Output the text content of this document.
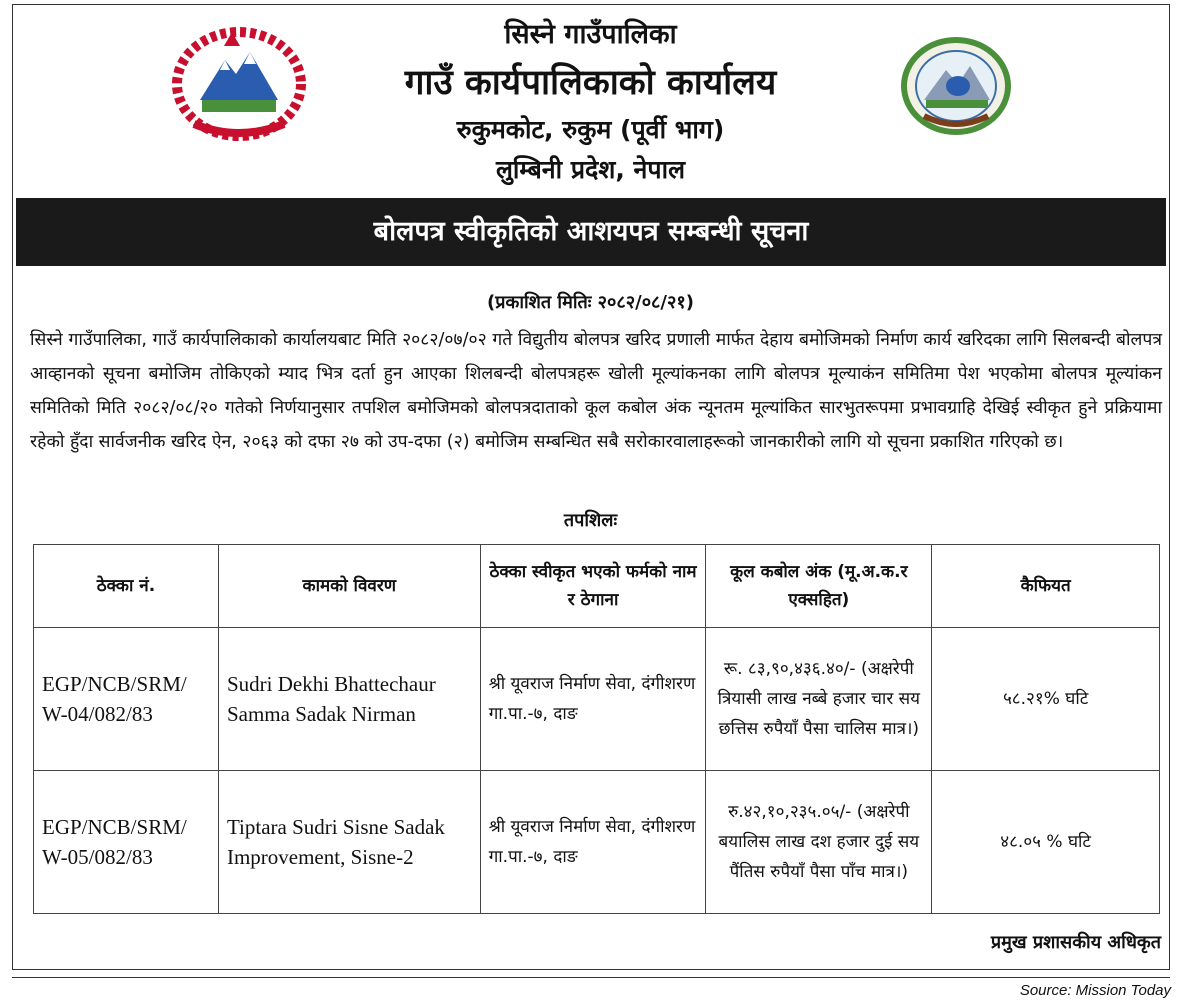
सिस्ने गाउँपालिका
गाउँ कार्यपालिकाको कार्यालय
रुकुमकोट, रुकुम (पूर्वी भाग)
लुम्बिनी प्रदेश, नेपाल
बोलपत्र स्वीकृतिको आशयपत्र सम्बन्धी सूचना
(प्रकाशित मितिः २०८२/०८/२१)
सिस्ने गाउँपालिका, गाउँ कार्यपालिकाको कार्यालयबाट मिति २०८२/०७/०२ गते विद्युतीय बोलपत्र खरिद प्रणाली मार्फत देहाय बमोजिमको निर्माण कार्य खरिदका लागि सिलबन्दी बोलपत्र आव्हानको सूचना बमोजिम तोकिएको म्याद भित्र दर्ता हुन आएका शिलबन्दी बोलपत्रहरू खोली मूल्यांकनका लागि बोलपत्र मूल्याकंन समितिमा पेश भएकोमा बोलपत्र मूल्यांकन समितिको मिति २०८२/०८/२० गतेको निर्णयानुसार तपशिल बमोजिमको बोलपत्रदाताको कूल कबोल अंक न्यूनतम मूल्यांकित सारभुतरूपमा प्रभावग्राहि देखिई स्वीकृत हुने प्रक्रियामा रहेको हुँदा सार्वजनीक खरिद ऐन, २०६३ को दफा २७ को उप-दफा (२) बमोजिम सम्बन्धित सबै सरोकारवालाहरूको जानकारीको लागि यो सूचना प्रकाशित गरिएको छ।
तपशिलः
ठेक्का नं.	कामको विवरण	ठेक्का स्वीकृत भएको फर्मको नाम र ठेगाना	कूल कबोल अंक (मू.अ.क.र एक्सहित)	कैफियत
EGP/NCB/SRM/ W-04/082/83	Sudri Dekhi Bhattechaur Samma Sadak Nirman	श्री यूवराज निर्माण सेवा, दंगीशरण गा.पा.-७, दाङ	रू. ८३,९०,४३६.४०/- (अक्षरेपी त्रियासी लाख नब्बे हजार चार सय छत्तिस रुपैयाँ पैसा चालिस मात्र।)	५८.२१% घटि
EGP/NCB/SRM/ W-05/082/83	Tiptara Sudri Sisne Sadak Improvement, Sisne-2	श्री यूवराज निर्माण सेवा, दंगीशरण गा.पा.-७, दाङ	रु.४२,१०,२३५.०५/- (अक्षरेपी बयालिस लाख दश हजार दुई सय पैंतिस रुपैयाँ पैसा पाँच मात्र।)	४८.०५ % घटि
प्रमुख प्रशासकीय अधिकृत
Source: Mission Today
